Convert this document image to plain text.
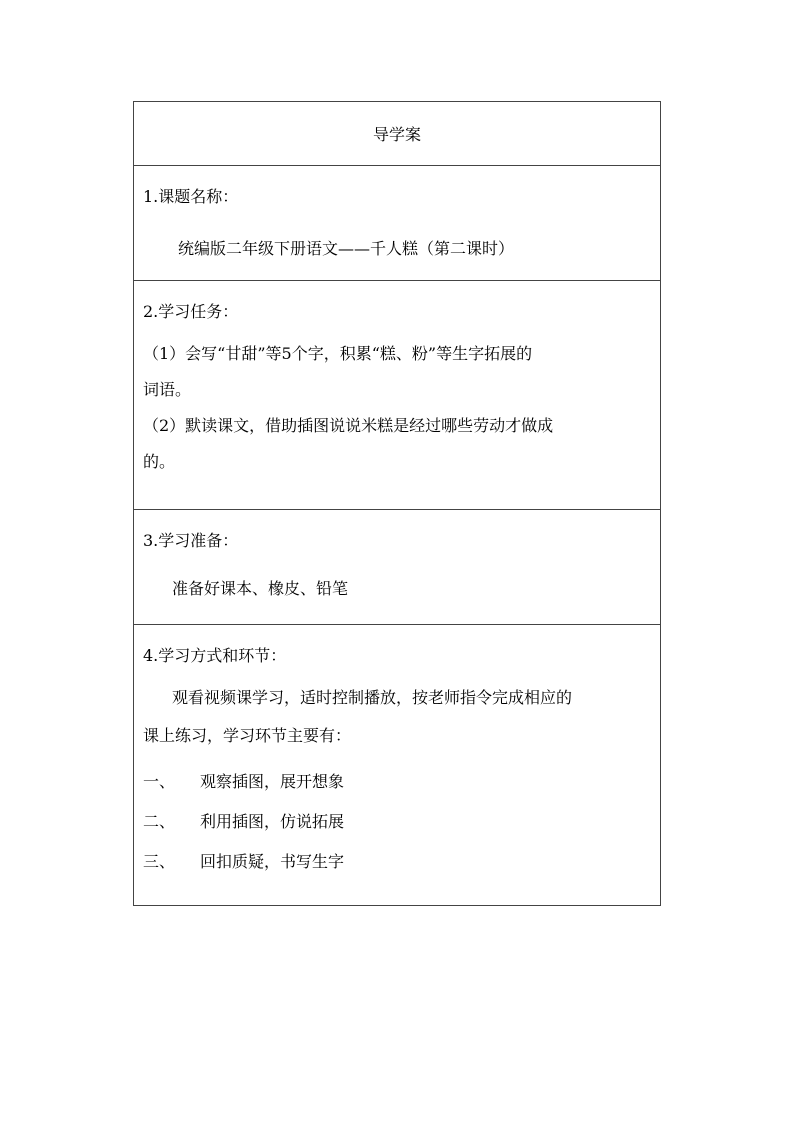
导学案

1.课题名称：
统编版二年级下册语文——千人糕（第二课时）

2.学习任务：
（1）会写“甘甜”等5个字，积累“糕、粉”等生字拓展的
词语。
（2）默读课文，借助插图说说米糕是经过哪些劳动才做成
的。

3.学习准备：
准备好课本、橡皮、铅笔

4.学习方式和环节：
观看视频课学习，适时控制播放，按老师指令完成相应的
课上练习，学习环节主要有：
一、 观察插图，展开想象
二、 利用插图，仿说拓展
三、 回扣质疑，书写生字
